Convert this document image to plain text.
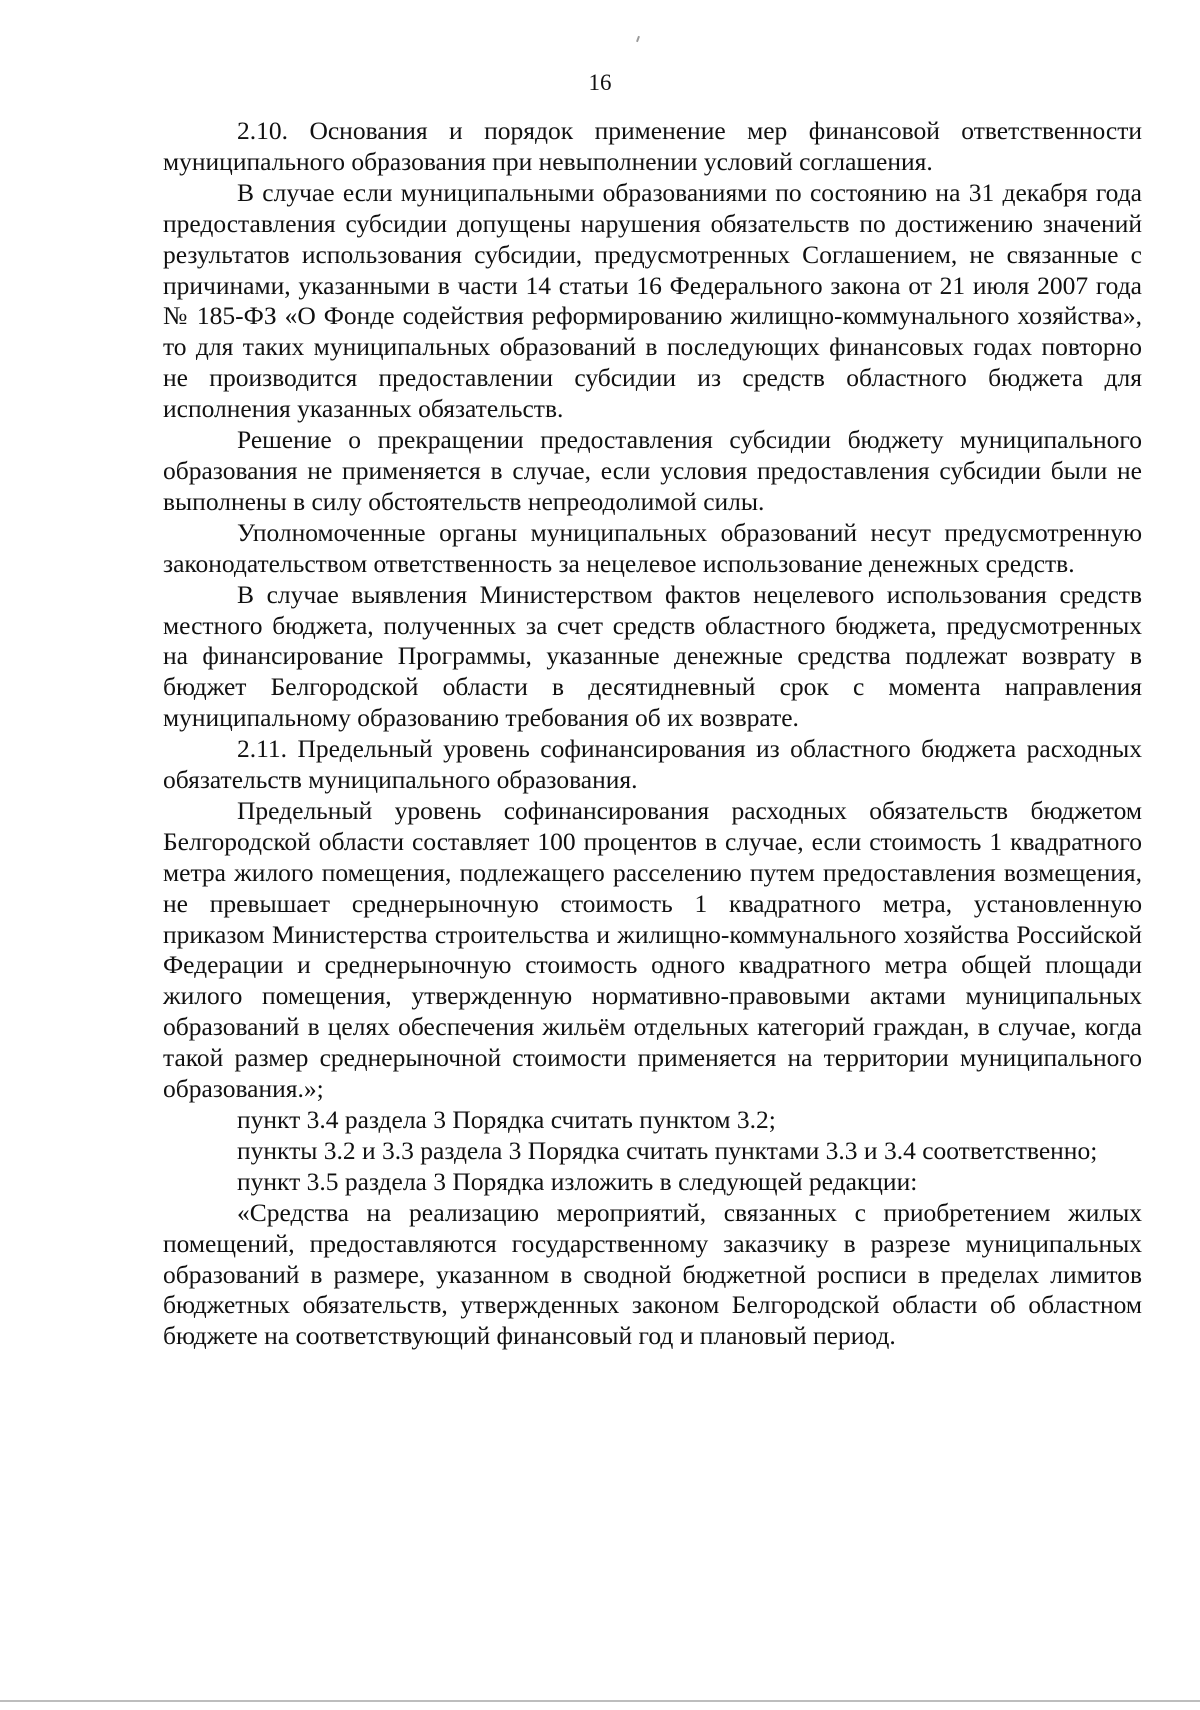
16

2.10. Основания и порядок применение мер финансовой ответственности муниципального образования при невыполнении условий соглашения.

В случае если муниципальными образованиями по состоянию на 31 декабря года предоставления субсидии допущены нарушения обязательств по достижению значений результатов использования субсидии, предусмотренных Соглашением, не связанные с причинами, указанными в части 14 статьи 16 Федерального закона от 21 июля 2007 года № 185-ФЗ «О Фонде содействия реформированию жилищно-коммунального хозяйства», то для таких муниципальных образований в последующих финансовых годах повторно не производится предоставлении субсидии из средств областного бюджета для исполнения указанных обязательств.

Решение о прекращении предоставления субсидии бюджету муниципального образования не применяется в случае, если условия предоставления субсидии были не выполнены в силу обстоятельств непреодолимой силы.

Уполномоченные органы муниципальных образований несут предусмотренную законодательством ответственность за нецелевое использование денежных средств.

В случае выявления Министерством фактов нецелевого использования средств местного бюджета, полученных за счет средств областного бюджета, предусмотренных на финансирование Программы, указанные денежные средства подлежат возврату в бюджет Белгородской области в десятидневный срок с момента направления муниципальному образованию требования об их возврате.

2.11. Предельный уровень софинансирования из областного бюджета расходных обязательств муниципального образования.

Предельный уровень софинансирования расходных обязательств бюджетом Белгородской области составляет 100 процентов в случае, если стоимость 1 квадратного метра жилого помещения, подлежащего расселению путем предоставления возмещения, не превышает среднерыночную стоимость 1 квадратного метра, установленную приказом Министерства строительства и жилищно-коммунального хозяйства Российской Федерации и среднерыночную стоимость одного квадратного метра общей площади жилого помещения, утвержденную нормативно-правовыми актами муниципальных образований в целях обеспечения жильём отдельных категорий граждан, в случае, когда такой размер среднерыночной стоимости применяется на территории муниципального образования.»;

пункт 3.4 раздела 3 Порядка считать пунктом 3.2;

пункты 3.2 и 3.3 раздела 3 Порядка считать пунктами 3.3 и 3.4 соответственно;

пункт 3.5 раздела 3 Порядка изложить в следующей редакции:

«Средства на реализацию мероприятий, связанных с приобретением жилых помещений, предоставляются государственному заказчику в разрезе муниципальных образований в размере, указанном в сводной бюджетной росписи в пределах лимитов бюджетных обязательств, утвержденных законом Белгородской области об областном бюджете на соответствующий финансовый год и плановый период.
